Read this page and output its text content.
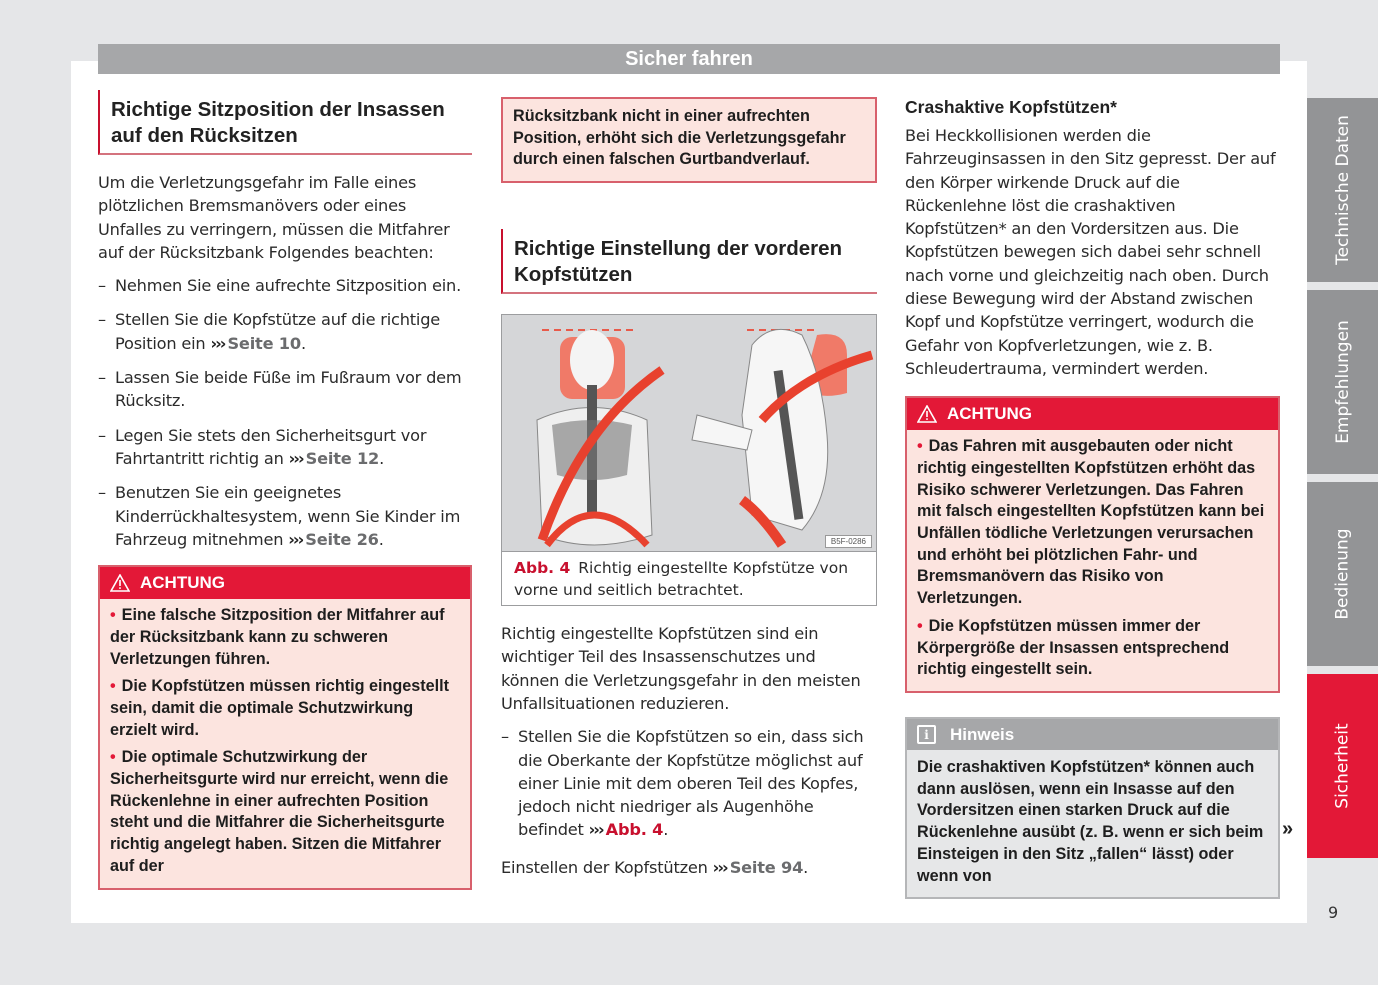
Sicher fahren
Richtige Sitzposition der Insassen auf den Rücksitzen

Um die Verletzungsgefahr im Falle eines plötzlichen Bremsmanövers oder eines Unfalles zu verringern, müssen die Mitfahrer auf der Rücksitzbank Folgendes beachten:

– Nehmen Sie eine aufrechte Sitzposition ein.
– Stellen Sie die Kopfstütze auf die richtige Position ein ››› Seite 10.
– Lassen Sie beide Füße im Fußraum vor dem Rücksitz.
– Legen Sie stets den Sicherheitsgurt vor Fahrtantritt richtig an ››› Seite 12.
– Benutzen Sie ein geeignetes Kinderrückhaltesystem, wenn Sie Kinder im Fahrzeug mitnehmen ››› Seite 26.
ACHTUNG
• Eine falsche Sitzposition der Mitfahrer auf der Rücksitzbank kann zu schweren Verletzungen führen.
• Die Kopfstützen müssen richtig eingestellt sein, damit die optimale Schutzwirkung erzielt wird.
• Die optimale Schutzwirkung der Sicherheitsgurte wird nur erreicht, wenn die Rückenlehne in einer aufrechten Position steht und die Mitfahrer die Sicherheitsgurte richtig angelegt haben. Sitzen die Mitfahrer auf der
Rücksitzbank nicht in einer aufrechten Position, erhöht sich die Verletzungsgefahr durch einen falschen Gurtbandverlauf.
Richtige Einstellung der vorderen Kopfstützen
B5F-0286
Abb. 4 Richtig eingestellte Kopfstütze von vorne und seitlich betrachtet.

Richtig eingestellte Kopfstützen sind ein wichtiger Teil des Insassenschutzes und können die Verletzungsgefahr in den meisten Unfallsituationen reduzieren.

– Stellen Sie die Kopfstützen so ein, dass sich die Oberkante der Kopfstütze möglichst auf einer Linie mit dem oberen Teil des Kopfes, jedoch nicht niedriger als Augenhöhe befindet ››› Abb. 4.

Einstellen der Kopfstützen ››› Seite 94.

Crashaktive Kopfstützen*

Bei Heckkollisionen werden die Fahrzeuginsassen in den Sitz gepresst. Der auf den Körper wirkende Druck auf die Rückenlehne löst die crashaktiven Kopfstützen* an den Vordersitzen aus. Die Kopfstützen bewegen sich dabei sehr schnell nach vorne und gleichzeitig nach oben. Durch diese Bewegung wird der Abstand zwischen Kopf und Kopfstütze verringert, wodurch die Gefahr von Kopfverletzungen, wie z. B. Schleudertrauma, vermindert werden.

ACHTUNG
• Das Fahren mit ausgebauten oder nicht richtig eingestellten Kopfstützen erhöht das Risiko schwerer Verletzungen. Das Fahren mit falsch eingestellten Kopfstützen kann bei Unfällen tödliche Verletzungen verursachen und erhöht bei plötzlichen Fahr- und Bremsmanövern das Risiko von Verletzungen.
• Die Kopfstützen müssen immer der Körpergröße der Insassen entsprechend richtig eingestellt sein.
i	Hinweis
Die crashaktiven Kopfstützen* können auch dann auslösen, wenn ein Insasse auf den Vordersitzen einen starken Druck auf die Rückenlehne ausübt (z. B. wenn er sich beim Einsteigen in den Sitz „fallen“ lässt) oder wenn von
»
Technische Daten
Empfehlungen
Bedienung
Sicherheit
9
